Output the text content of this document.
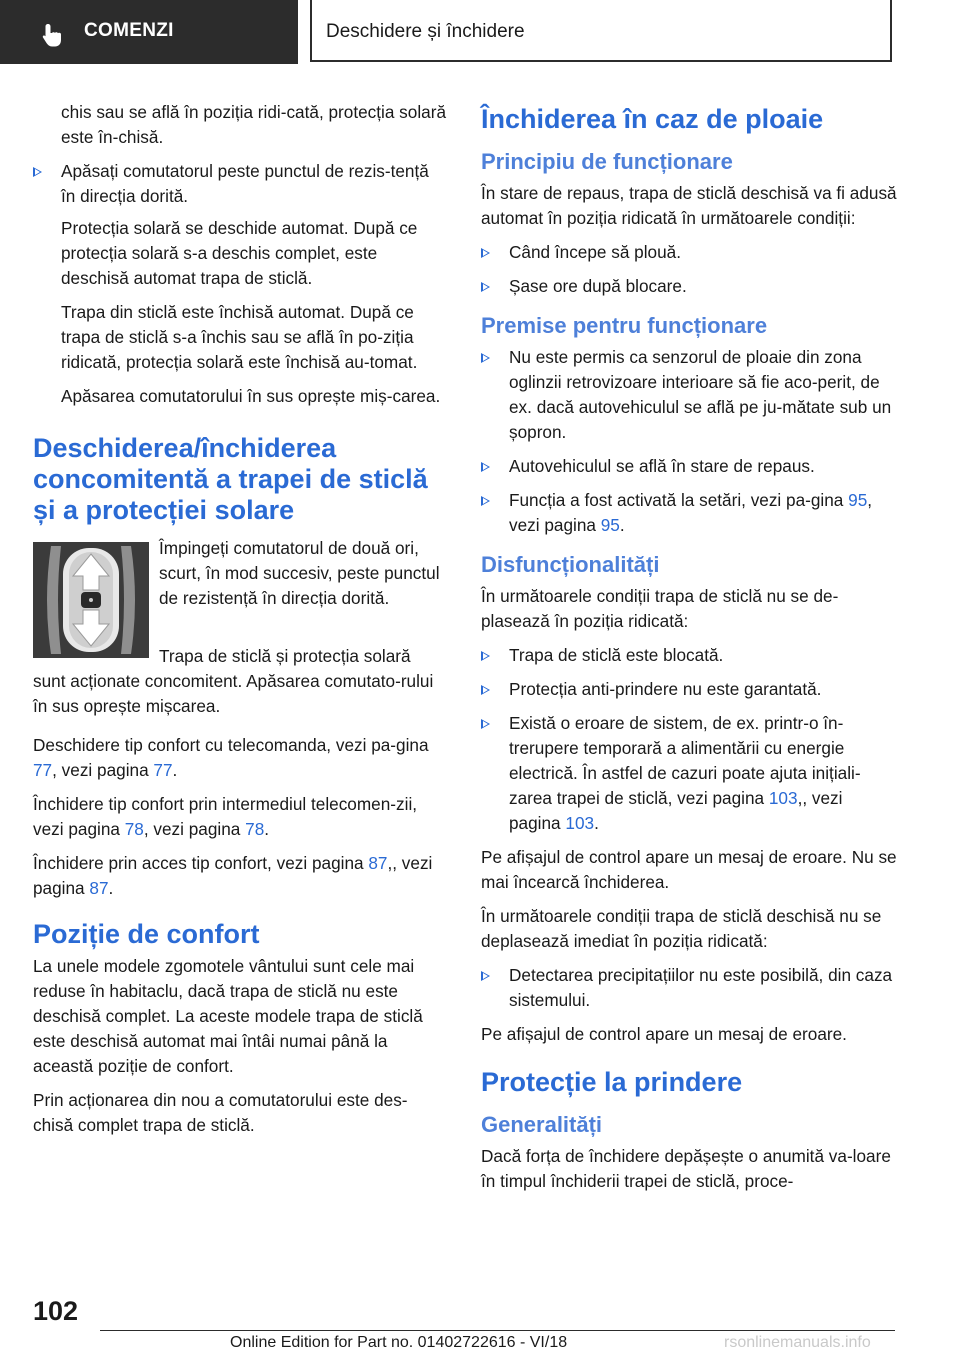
COMENZI	Deschidere și închidere

chis sau se află în poziția ridi-cată, protecția solară este în-chisă.

Apăsați comutatorul peste punctul de rezis-tență în direcția dorită.

Protecția solară se deschide automat. După ce protecția solară s-a deschis complet, este deschisă automat trapa de sticlă.

Trapa din sticlă este închisă automat. După ce trapa de sticlă s-a închis sau se află în po-ziția ridicată, protecția solară este închisă au-tomat.

Apăsarea comutatorului în sus oprește miș-carea.

Deschiderea/închiderea concomitentă a trapei de sticlă și a protecției solare

Împingeți comutatorul de două ori, scurt, în mod succesiv, peste punctul de rezistență în direcția dorită.

Trapa de sticlă și protecția solară sunt acționate concomitent. Apăsarea comutato-rului în sus oprește mișcarea.

Deschidere tip confort cu telecomanda, vezi pa-gina 77, vezi pagina 77.

Închidere tip confort prin intermediul telecomen-zii, vezi pagina 78, vezi pagina 78.

Închidere prin acces tip confort, vezi pagina 87,, vezi pagina 87.

Poziție de confort

La unele modele zgomotele vântului sunt cele mai reduse în habitaclu, dacă trapa de sticlă nu este deschisă complet. La aceste modele trapa de sticlă este deschisă automat mai întâi numai până la această poziție de confort.

Prin acționarea din nou a comutatorului este des-chisă complet trapa de sticlă.

Închiderea în caz de ploaie
Principiu de funcționare

În stare de repaus, trapa de sticlă deschisă va fi adusă automat în poziția ridicată în următoarele condiții:

Când începe să plouă.
Șase ore după blocare.
Premise pentru funcționare
Nu este permis ca senzorul de ploaie din zona oglinzii retrovizoare interioare să fie aco-perit, de ex. dacă autovehiculul se află pe ju-mătate sub un șopron.
Autovehiculul se află în stare de repaus.
Funcția a fost activată la setări, vezi pa-gina 95, vezi pagina 95.
Disfuncționalități

În următoarele condiții trapa de sticlă nu se de-plasează în poziția ridicată:

Trapa de sticlă este blocată.
Protecția anti-prindere nu este garantată.
Există o eroare de sistem, de ex. printr-o în-trerupere temporară a alimentării cu energie electrică. În astfel de cazuri poate ajuta inițiali-zarea trapei de sticlă, vezi pagina 103,, vezi pagina 103.

Pe afișajul de control apare un mesaj de eroare. Nu se mai încearcă închiderea.

În următoarele condiții trapa de sticlă deschisă nu se deplasează imediat în poziția ridicată:

Detectarea precipitațiilor nu este posibilă, din caza sistemului.

Pe afișajul de control apare un mesaj de eroare.

Protecție la prindere
Generalități

Dacă forța de închidere depășește o anumită va-loare în timpul închiderii trapei de sticlă, proce-

102
Online Edition for Part no. 01402722616 - VI/18	rsonlinemanuals.info
